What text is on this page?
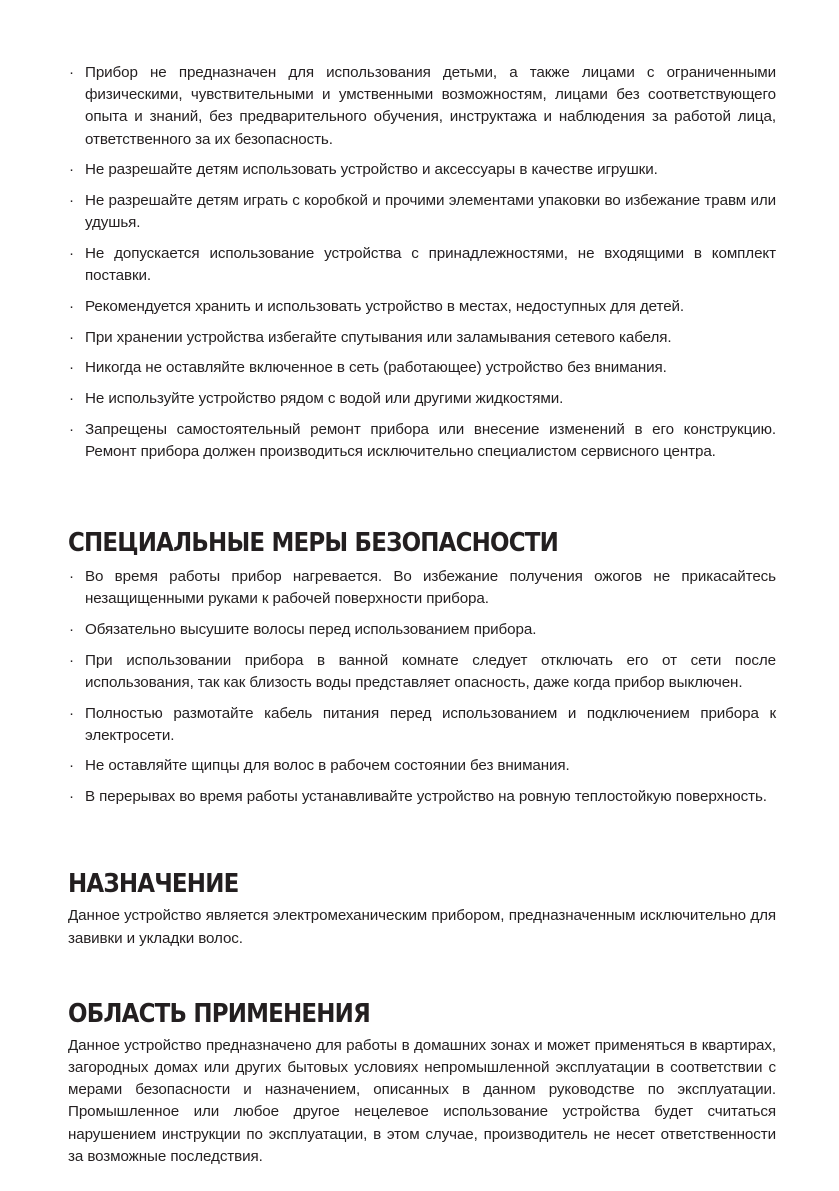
· Прибор не предназначен для использования детьми, а также лицами с ограниченными физическими, чувствительными и умственными возможностям, лицами без соответствующего опыта и знаний, без предварительного обучения, инструктажа и наблюдения за работой лица, ответственного за их безопасность.
· Не разрешайте детям использовать устройство и аксессуары в качестве игрушки.
· Не разрешайте детям играть с коробкой и прочими элементами упаковки во избежание травм или удушья.
· Не допускается использование устройства с принадлежностями, не входящими в комплект поставки.
· Рекомендуется хранить и использовать устройство в местах, недоступных для детей.
· При хранении устройства избегайте спутывания или заламывания сетевого кабеля.
· Никогда не оставляйте включенное в сеть (работающее) устройство без внимания.
· Не используйте устройство рядом с водой или другими жидкостями.
· Запрещены самостоятельный ремонт прибора или внесение изменений в его конструкцию. Ремонт прибора должен производиться исключительно специалистом сервисного центра.
СПЕЦИАЛЬНЫЕ МЕРЫ БЕЗОПАСНОСТИ
· Во время работы прибор нагревается. Во избежание получения ожогов не прикасайтесь незащищенными руками к рабочей поверхности прибора.
· Обязательно высушите волосы перед использованием прибора.
· При использовании прибора в ванной комнате следует отключать его от сети после использования, так как близость воды представляет опасность, даже когда прибор выключен.
· Полностью размотайте кабель питания перед использованием и подключением прибора к электросети.
· Не оставляйте щипцы для волос в рабочем состоянии без внимания.
· В перерывах во время работы устанавливайте устройство на ровную теплостойкую поверхность.
НАЗНАЧЕНИЕ

Данное устройство является электромеханическим прибором, предназначенным исключительно для завивки и укладки волос.

ОБЛАСТЬ ПРИМЕНЕНИЯ

Данное устройство предназначено для работы в домашних зонах и может применяться в квартирах, загородных домах или других бытовых условиях непромышленной эксплуатации в соответствии с мерами безопасности и назначением, описанных в данном руководстве по эксплуатации. Промышленное или любое другое нецелевое использование устройства будет считаться нарушением инструкции по эксплуатации, в этом случае, производитель не несет ответственности за возможные последствия.
